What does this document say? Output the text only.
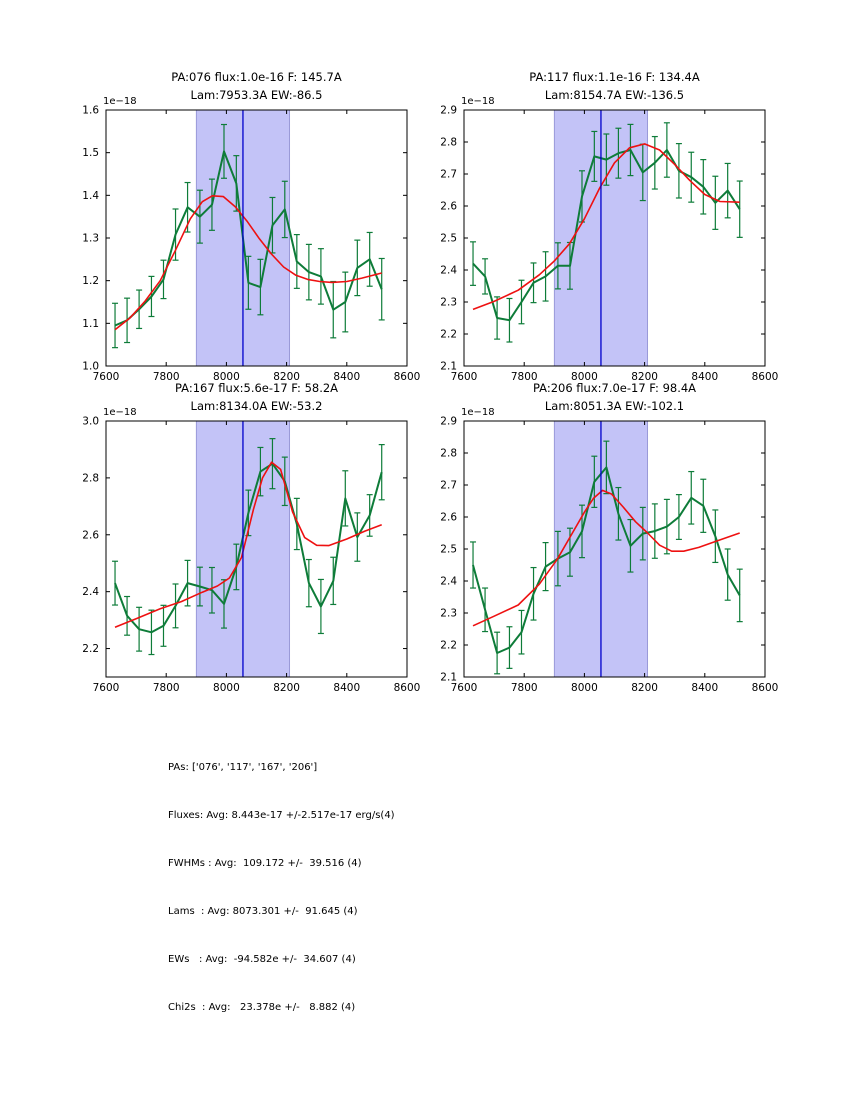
7600	7800	8000	8200	8400	8600
1.0
1.1
1.2
1.3
1.4
1.5
1.6
PA:076 flux:1.0e-16 F: 145.7A
Lam:7953.3A EW:-86.5
1e−18
7600	7800	8000	8200	8400	8600
2.1
2.2
2.3
2.4
2.5
2.6
2.7
2.8
2.9
PA:117 flux:1.1e-16 F: 134.4A
Lam:8154.7A EW:-136.5
1e−18
7600	7800	8000	8200	8400	8600
2.2
2.4
2.6
2.8
3.0
PA:167 flux:5.6e-17 F: 58.2A
Lam:8134.0A EW:-53.2
1e−18
7600	7800	8000	8200	8400	8600
2.1
2.2
2.3
2.4
2.5
2.6
2.7
2.8
2.9
PA:206 flux:7.0e-17 F: 98.4A
Lam:8051.3A EW:-102.1
1e−18

PAs: ['076', '117', '167', '206']

Fluxes: Avg: 8.443e-17 +/-2.517e-17 erg/s(4)

FWHMs : Avg:  109.172 +/-  39.516 (4)

Lams  : Avg: 8073.301 +/-  91.645 (4)

EWs   : Avg:  -94.582e +/-  34.607 (4)

Chi2s  : Avg:   23.378e +/-   8.882 (4)
